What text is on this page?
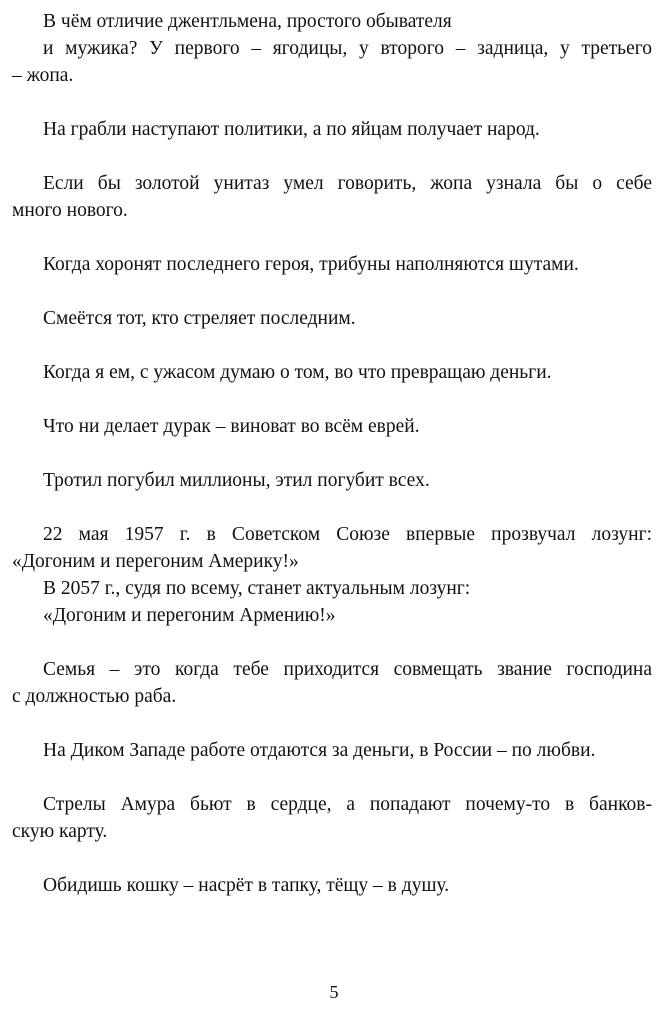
В чём отличие джентльмена, простого обывателя
и мужика? У первого – ягодицы, у второго – задница, у третьего
– жопа.
На грабли наступают политики, а по яйцам получает народ.
Если бы золотой унитаз умел говорить, жопа узнала бы о себе
много нового.
Когда хоронят последнего героя, трибуны наполняются шутами.
Смеётся тот, кто стреляет последним.
Когда я ем, с ужасом думаю о том, во что превращаю деньги.
Что ни делает дурак – виноват во всём еврей.
Тротил погубил миллионы, этил погубит всех.
22 мая 1957 г. в Советском Союзе впервые прозвучал лозунг:
«Догоним и перегоним Америку!»
В 2057 г., судя по всему, станет актуальным лозунг:
«Догоним и перегоним Армению!»
Семья – это когда тебе приходится совмещать звание господина
с должностью раба.
На Диком Западе работе отдаются за деньги, в России – по любви.
Стрелы Амура бьют в сердце, а попадают почему-то в банков-
скую карту.
Обидишь кошку – насрёт в тапку, тёщу – в душу.
5
